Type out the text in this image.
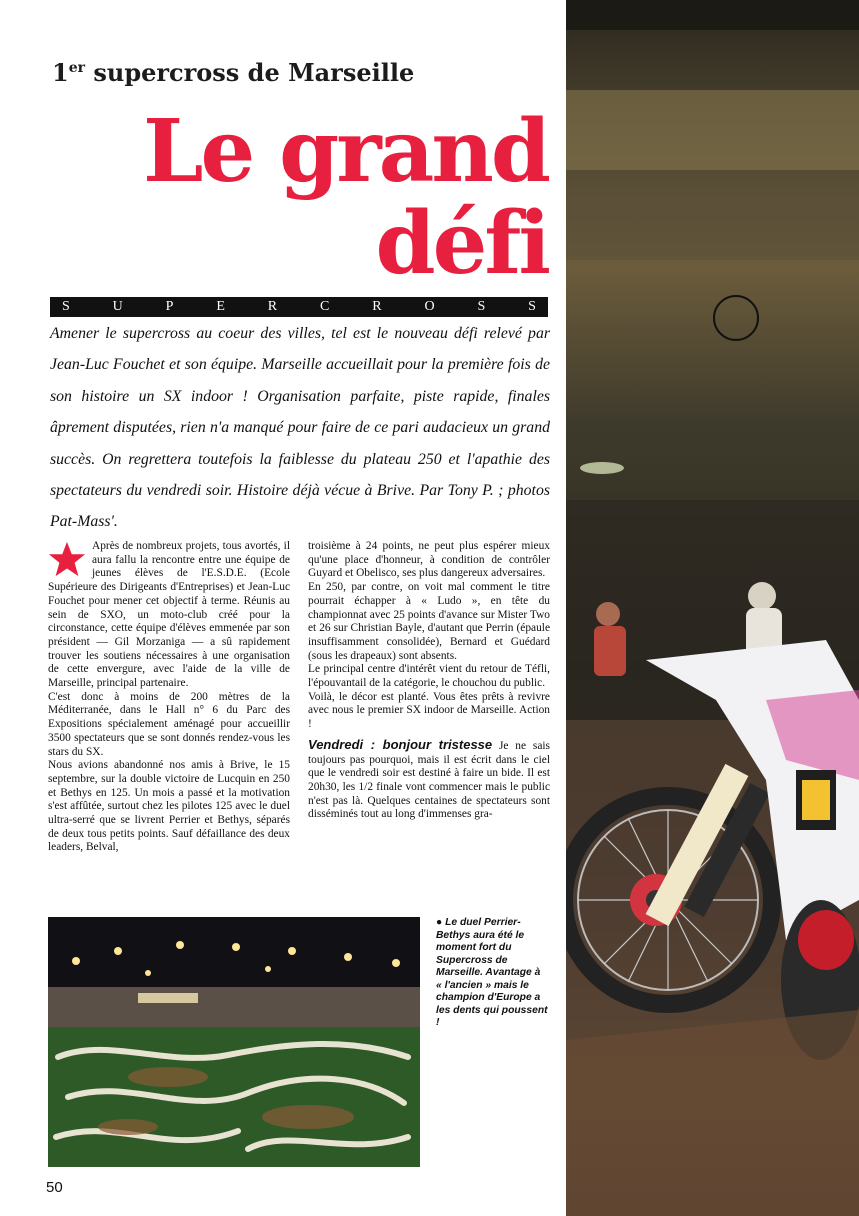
1er supercross de Marseille
Le grand
défi
S	U	P	E	R	C	R	O	S	S
Amener le supercross au coeur des villes, tel est le nouveau défi relevé par Jean-Luc Fouchet et son équipe. Marseille accueillait pour la première fois de son histoire un SX indoor ! Organisation parfaite, piste rapide, finales âprement disputées, rien n'a manqué pour faire de ce pari audacieux un grand succès. On regrettera toutefois la faiblesse du plateau 250 et l'apathie des spectateurs du vendredi soir. Histoire déjà vécue à Brive. Par Tony P. ; photos Pat-Mass'.

Après de nombreux projets, tous avortés, il aura fallu la rencontre entre une équipe de jeunes élèves de l'E.S.D.E. (Ecole Supérieure des Dirigeants d'Entreprises) et Jean-Luc Fouchet pour mener cet objectif à terme. Réunis au sein de SXO, un moto-club créé pour la circonstance, cette équipe d'élèves emmenée par son président — Gil Morzaniga — a sû rapidement trouver les soutiens nécessaires à une organisation de cette envergure, avec l'aide de la ville de Marseille, principal partenaire.

C'est donc à moins de 200 mètres de la Méditerranée, dans le Hall n° 6 du Parc des Expositions spécialement aménagé pour accueillir 3500 spectateurs que se sont donnés rendez-vous les stars du SX.

Nous avions abandonné nos amis à Brive, le 15 septembre, sur la double victoire de Lucquin en 250 et Bethys en 125. Un mois a passé et la motivation s'est affûtée, surtout chez les pilotes 125 avec le duel ultra-serré que se livrent Perrier et Bethys, séparés de deux tous petits points. Sauf défaillance des deux leaders, Belval,

troisième à 24 points, ne peut plus espérer mieux qu'une place d'honneur, à condition de contrôler Guyard et Obelisco, ses plus dangereux adversaires.

En 250, par contre, on voit mal comment le titre pourrait échapper à « Ludo », en tête du championnat avec 25 points d'avance sur Mister Two et 26 sur Christian Bayle, d'autant que Perrin (épaule insuffisamment consolidée), Bernard et Guédard (sous les drapeaux) sont absents.

Le principal centre d'intérêt vient du retour de Téfli, l'épouvantail de la catégorie, le chouchou du public.

Voilà, le décor est planté. Vous êtes prêts à revivre avec nous le premier SX indoor de Marseille. Action !

Vendredi : bonjour tristesse Je ne sais toujours pas pourquoi, mais il est écrit dans le ciel que le vendredi soir est destiné à faire un bide. Il est 20h30, les 1/2 finale vont commencer mais le public n'est pas là. Quelques centaines de spectateurs sont disséminés tout au long d'immenses gra-

● Le duel Perrier-Bethys aura été le moment fort du Supercross de Marseille. Avantage à « l'ancien » mais le champion d'Europe a les dents qui poussent !
50
